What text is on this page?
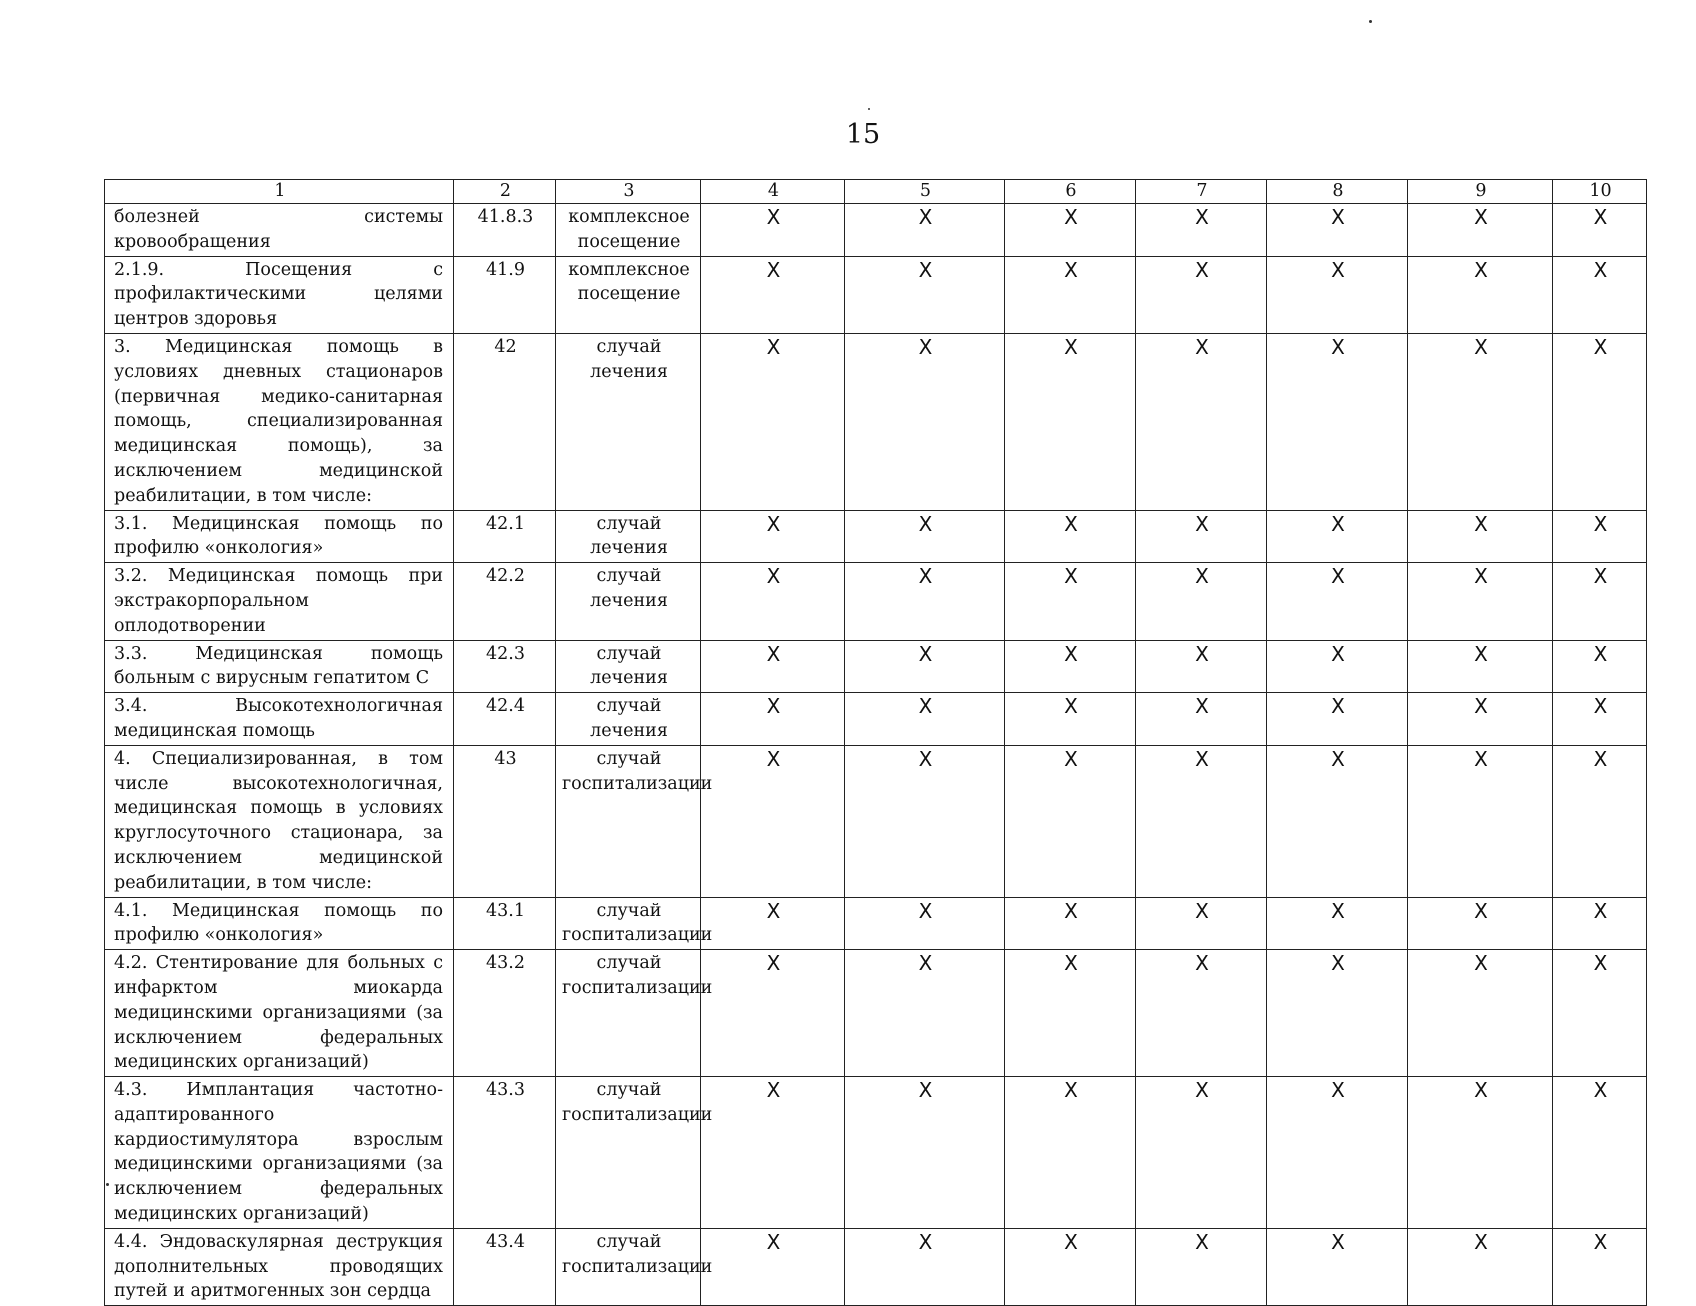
15
1	2	3	4	5	6	7	8	9	10
болезней системы кровообращения	41.8.3	комплексное посещение	X	X	X	X	X	X	X
2.1.9. Посещения с профилактическими целями центров здоровья	41.9	комплексное посещение	X	X	X	X	X	X	X
3. Медицинская помощь в условиях дневных стационаров (первичная медико-санитарная помощь, специализированная медицинская помощь), за исключением медицинской реабилитации, в том числе:	42	случай лечения	X	X	X	X	X	X	X
3.1. Медицинская помощь по профилю «онкология»	42.1	случай лечения	X	X	X	X	X	X	X
3.2. Медицинская помощь при экстракорпоральном оплодотворении	42.2	случай лечения	X	X	X	X	X	X	X
3.3. Медицинская помощь больным с вирусным гепатитом С	42.3	случай лечения	X	X	X	X	X	X	X
3.4. Высокотехнологичная медицинская помощь	42.4	случай лечения	X	X	X	X	X	X	X
4. Специализированная, в том числе высокотехнологичная, медицинская помощь в условиях круглосуточного стационара, за исключением медицинской реабилитации, в том числе:	43	случай госпитализации	X	X	X	X	X	X	X
4.1. Медицинская помощь по профилю «онкология»	43.1	случай госпитализации	X	X	X	X	X	X	X
4.2. Стентирование для больных с инфарктом миокарда медицинскими организациями (за исключением федеральных медицинских организаций)	43.2	случай госпитализации	X	X	X	X	X	X	X
4.3. Имплантация частотно-адаптированного кардиостимулятора взрослым медицинскими организациями (за исключением федеральных медицинских организаций)	43.3	случай госпитализации	X	X	X	X	X	X	X
4.4. Эндоваскулярная деструкция дополнительных проводящих путей и аритмогенных зон сердца	43.4	случай госпитализации	X	X	X	X	X	X	X
